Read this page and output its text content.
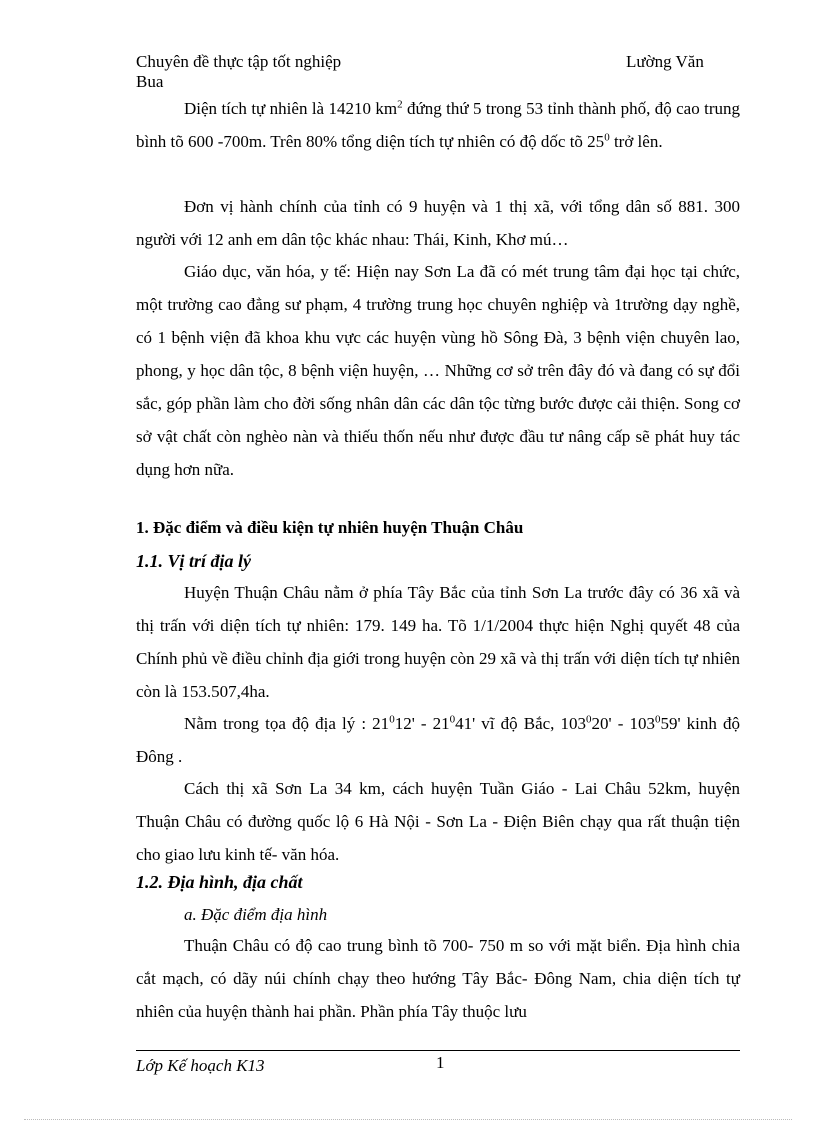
Chuyên đề thực tập tốt nghiệp	Lường Văn
Bua

Diện tích tự nhiên là 14210 $km^2$ đứng thứ 5 trong 53 tỉnh thành phố, độ cao trung bình tõ 600 -700m. Trên 80% tổng diện tích tự nhiên có độ dốc tõ $25^0$ trở lên.

Đơn vị hành chính của tỉnh có 9 huyện và 1 thị xã, với tổng dân số 881. 300 người với 12 anh em dân tộc khác nhau: Thái, Kinh, Khơ mú…

Giáo dục, văn hóa, y tế: Hiện nay Sơn La đã có mét trung tâm đại học tại chức, một trường cao đẳng sư phạm, 4 trường trung học chuyên nghiệp và 1trường dạy nghề, có 1 bệnh viện đã khoa khu vực các huyện vùng hồ Sông Đà, 3 bệnh viện chuyên lao, phong, y học dân tộc, 8 bệnh viện huyện, … Những cơ sở trên đây đó và đang có sự đổi sắc, góp phần làm cho đời sống nhân dân các dân tộc từng bước được cải thiện. Song cơ sở vật chất còn nghèo nàn và thiếu thốn nếu như được đầu tư nâng cấp sẽ phát huy tác dụng hơn nữa.

1. Đặc điểm và điều kiện tự nhiên huyện Thuận Châu
1.1. Vị trí địa lý

Huyện Thuận Châu nằm ở phía Tây Bắc của tỉnh Sơn La trước đây có 36 xã và thị trấn với diện tích tự nhiên: 179. 149 ha. Tõ 1/1/2004 thực hiện Nghị quyết 48 của Chính phủ về điều chỉnh địa giới trong huyện còn 29 xã và thị trấn với diện tích tự nhiên còn là 153.507,4ha.

Nằm trong tọa độ địa lý : $21^012' - 21^041'$ vĩ độ Bắc, $103^020' - 103^059'$ kinh độ Đông .

Cách thị xã Sơn La 34 km, cách huyện Tuần Giáo - Lai Châu 52km, huyện Thuận Châu có đường quốc lộ 6 Hà Nội - Sơn La - Điện Biên chạy qua rất thuận tiện cho giao lưu kinh tế- văn hóa.

1.2. Địa hình, địa chất
a. Đặc điểm địa hình

Thuận Châu có độ cao trung bình tõ 700- 750 m so với mặt biển. Địa hình chia cắt mạch, có dãy núi chính chạy theo hướng Tây Bắc- Đông Nam, chia diện tích tự nhiên của huyện thành hai phần. Phần phía Tây thuộc lưu

Lớp Kế hoạch K13	1
